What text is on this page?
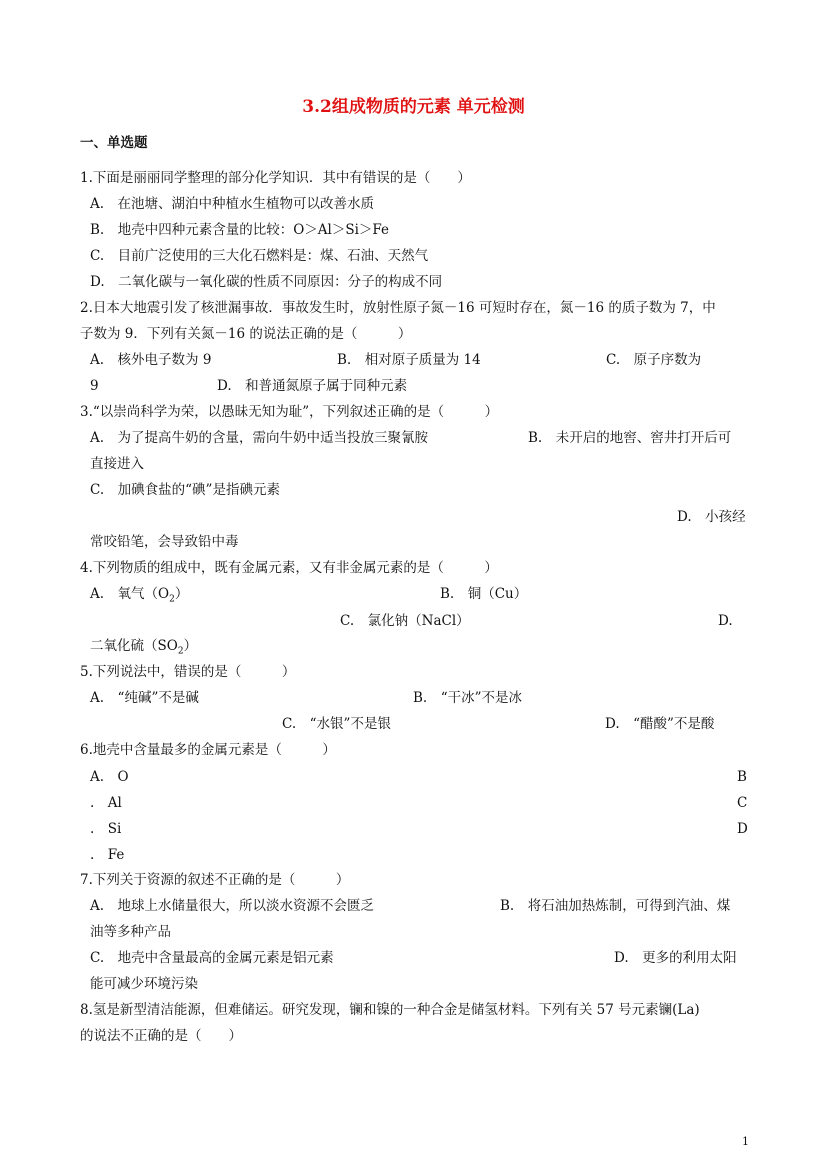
3.2组成物质的元素 单元检测
一、单选题
1.下面是丽丽同学整理的部分化学知识．其中有错误的是（　　）
A.　在池塘、湖泊中种植水生植物可以改善水质
B.　地壳中四种元素含量的比较：O＞Al＞Si＞Fe
C.　目前广泛使用的三大化石燃料是：煤、石油、天然气
D.　二氧化碳与一氧化碳的性质不同原因：分子的构成不同
2.日本大地震引发了核泄漏事故．事故发生时，放射性原子氮－16 可短时存在，氮－16 的质子数为 7，中
子数为 9．下列有关氮－16 的说法正确的是（　　　）
A.　核外电子数为 9	B.　相对原子质量为 14	C.　原子序数为
9	D.　和普通氮原子属于同种元素
3.“以崇尚科学为荣，以愚昧无知为耻”，下列叙述正确的是（　　　）
A.　为了提高牛奶的含量，需向牛奶中适当投放三聚氰胺	B.　未开启的地窖、窖井打开后可
直接进入
C.　加碘食盐的“碘”是指碘元素
D.　小孩经
常咬铅笔，会导致铅中毒
4.下列物质的组成中，既有金属元素，又有非金属元素的是（　　　）
A.　氧气$(O_2)$	B.　铜（Cu）
C.　氯化钠（NaCl）	D.
二氧化硫$(SO_2)$
5.下列说法中，错误的是（　　　）
A.　“纯碱”不是碱	B.　“干冰”不是冰
C.　“水银”不是银	D.　“醋酸”不是酸
6.地壳中含量最多的金属元素是（　　　）
A.　O	B
.　Al	C
.　Si	D
.　Fe
7.下列关于资源的叙述不正确的是（　　　）
A.　地球上水储量很大，所以淡水资源不会匮乏	B.　将石油加热炼制，可得到汽油、煤
油等多种产品
C.　地壳中含量最高的金属元素是铝元素	D.　更多的利用太阳
能可减少环境污染
8.氢是新型清洁能源，但难储运。研究发现，镧和镍的一种合金是储氢材料。下列有关 57 号元素镧(La)
的说法不正确的是（　　）
1
